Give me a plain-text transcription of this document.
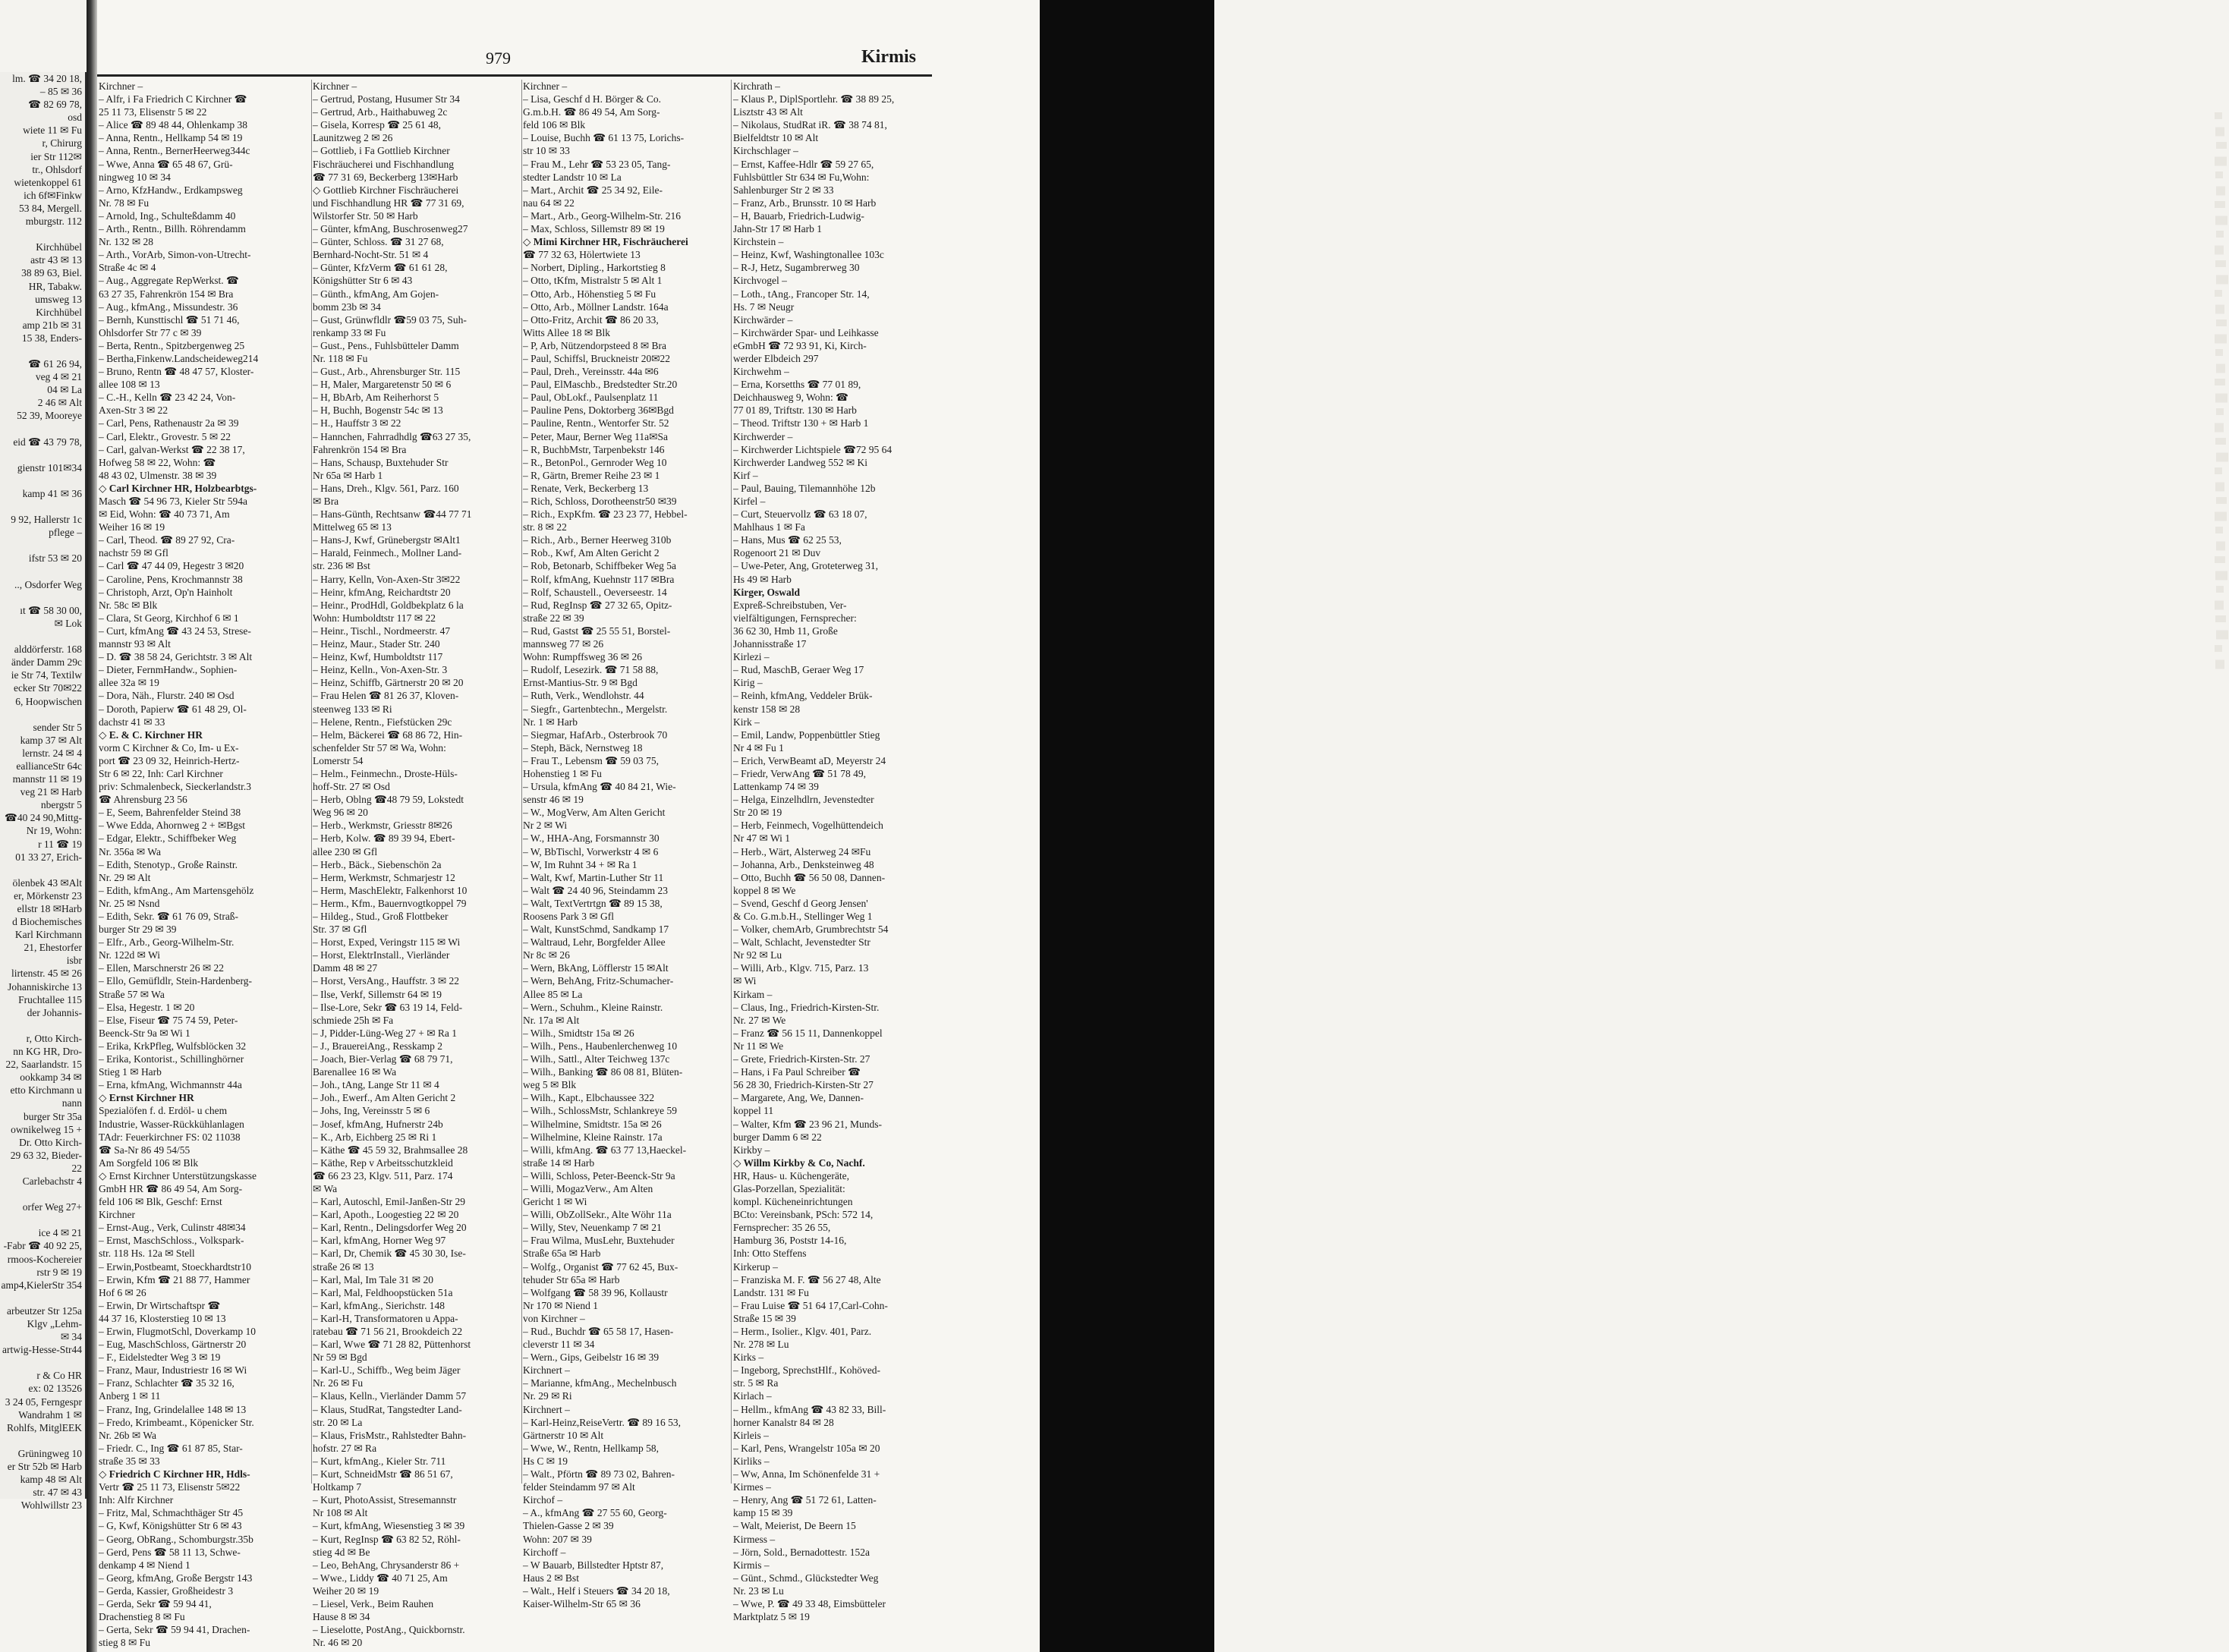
lm. ☎ 34 20 18,
– 85 ✉ 36
☎ 82 69 78,
osd
wiete 11 ✉ Fu
r, Chirurg
ier Str 112✉
tr., Ohlsdorf
wietenkoppel 61
ich 6f✉Finkw
53 84, Mergell.
mburgstr. 112

Kirchhübel
astr 43 ✉ 13
38 89 63, Biel.
HR, Tabakw.
umsweg 13
Kirchhübel
amp 21b ✉ 31
15 38, Enders-

☎ 61 26 94,
veg 4 ✉ 21
04 ✉ La
2 46 ✉ Alt
52 39, Mooreye

eid ☎ 43 79 78,

gienstr 101✉34

kamp 41 ✉ 36

9 92, Hallerstr 1c
pflege –

ifstr 53 ✉ 20

.., Osdorfer Weg

ıt ☎ 58 30 00,
✉ Lok

alddörferstr. 168
änder Damm 29c
ie Str 74, Textilw
ecker Str 70✉22
6, Hoopwischen

sender Str 5
kamp 37 ✉ Alt
lernstr. 24 ✉ 4
eallianceStr 64c
mannstr 11 ✉ 19
veg 21 ✉ Harb
nbergstr 5
☎40 24 90,Mittg-
Nr 19, Wohn:
r 11 ☎ 19
01 33 27, Erich-

ölenbek 43 ✉Alt
er, Mörkenstr 23
ellstr 18 ✉Harb
d Biochemisches
Karl Kirchmann
21, Ehestorfer
isbr
lirtenstr. 45 ✉ 26
Johanniskirche 13
Fruchtallee 115
der Johannis-

r, Otto Kirch-
nn KG HR, Dro-
22, Saarlandstr. 15
ookkamp 34 ✉
etto Kirchmann u
nann
burger Str 35a
ownikelweg 15 +
Dr. Otto Kirch-
29 63 32, Bieder-
22
Carlebachstr 4

orfer Weg 27+

ice 4 ✉ 21
-Fabr ☎ 40 92 25,
rmoos-Kochereier
rstr 9 ✉ 19
amp4,KielerStr 354

arbeutzer Str 125a
Klgv „Lehm-
✉ 34
artwig-Hesse-Str44

r & Co HR
ex: 02 13526
3 24 05, Ferngespr
Wandrahm 1 ✉
Rohlfs, MitglEEK

Grüningweg 10
er Str 52b ✉ Harb
kamp 48 ✉ Alt
str. 47 ✉ 43
Wohlwillstr 23
979	Kirmis
Kirchner –
– Alfr, i Fa Friedrich C Kirchner ☎
25 11 73, Elisenstr 5 ✉ 22
– Alice ☎ 89 48 44, Ohlenkamp 38
– Anna, Rentn., Hellkamp 54 ✉ 19
– Anna, Rentn., BernerHeerweg344c
– Wwe, Anna ☎ 65 48 67, Grü-
ningweg 10 ✉ 34
– Arno, KfzHandw., Erdkampsweg
Nr. 78 ✉ Fu
– Arnold, Ing., Schulteßdamm 40
– Arth., Rentn., Billh. Röhrendamm
Nr. 132 ✉ 28
– Arth., VorArb, Simon-von-Utrecht-
Straße 4c ✉ 4
– Aug., Aggregate RepWerkst. ☎
63 27 35, Fahrenkrön 154 ✉ Bra
– Aug., kfmAng., Missundestr. 36
– Bernh, Kunsttischl ☎ 51 71 46,
Ohlsdorfer Str 77 c ✉ 39
– Berta, Rentn., Spitzbergenweg 25
– Bertha,Finkenw.Landscheideweg214
– Bruno, Rentn ☎ 48 47 57, Kloster-
allee 108 ✉ 13
– C.-H., Kelln ☎ 23 42 24, Von-
Axen-Str 3 ✉ 22
– Carl, Pens, Rathenaustr 2a ✉ 39
– Carl, Elektr., Grovestr. 5 ✉ 22
– Carl, galvan-Werkst ☎ 22 38 17,
Hofweg 58 ✉ 22, Wohn: ☎
48 43 02, Ulmenstr. 38 ✉ 39
◇ Carl Kirchner HR, Holzbearbtgs-
Masch ☎ 54 96 73, Kieler Str 594a
✉ Eid, Wohn: ☎ 40 73 71, Am
Weiher 16 ✉ 19
– Carl, Theod. ☎ 89 27 92, Cra-
nachstr 59 ✉ Gfl
– Carl ☎ 47 44 09, Hegestr 3 ✉20
– Caroline, Pens, Krochmannstr 38
– Christoph, Arzt, Op'n Hainholt
Nr. 58c ✉ Blk
– Clara, St Georg, Kirchhof 6 ✉ 1
– Curt, kfmAng ☎ 43 24 53, Strese-
mannstr 93 ✉ Alt
– D. ☎ 38 58 24, Gerichtstr. 3 ✉ Alt
– Dieter, FernmHandw., Sophien-
allee 32a ✉ 19
– Dora, Näh., Flurstr. 240 ✉ Osd
– Doroth, Papierw ☎ 61 48 29, Ol-
dachstr 41 ✉ 33
◇ E. & C. Kirchner HR
vorm C Kirchner & Co, Im- u Ex-
port ☎ 23 09 32, Heinrich-Hertz-
Str 6 ✉ 22, Inh: Carl Kirchner
priv: Schmalenbeck, Sieckerlandstr.3
☎ Ahrensburg 23 56
– E, Seem, Bahrenfelder Steind 38
– Wwe Edda, Ahornweg 2 + ✉Bgst
– Edgar, Elektr., Schiffbeker Weg
Nr. 356a ✉ Wa
– Edith, Stenotyp., Große Rainstr.
Nr. 29 ✉ Alt
– Edith, kfmAng., Am Martensgehölz
Nr. 25 ✉ Nsnd
– Edith, Sekr. ☎ 61 76 09, Straß-
burger Str 29 ✉ 39
– Elfr., Arb., Georg-Wilhelm-Str.
Nr. 122d ✉ Wi
– Ellen, Marschnerstr 26 ✉ 22
– Ello, Gemüfldlr, Stein-Hardenberg-
Straße 57 ✉ Wa
– Elsa, Hegestr. 1 ✉ 20
– Else, Fiseur ☎ 75 74 59, Peter-
Beenck-Str 9a ✉ Wi 1
– Erika, KrkPfleg, Wulfsblöcken 32
– Erika, Kontorist., Schillinghörner
Stieg 1 ✉ Harb
– Erna, kfmAng, Wichmannstr 44a
◇ Ernst Kirchner HR
Spezialöfen f. d. Erdöl- u chem
Industrie, Wasser-Rückkühlanlagen
TAdr: Feuerkirchner FS: 02 11038
☎ Sa-Nr 86 49 54/55
Am Sorgfeld 106 ✉ Blk
◇ Ernst Kirchner Unterstützungskasse
GmbH HR ☎ 86 49 54, Am Sorg-
feld 106 ✉ Blk, Geschf: Ernst
Kirchner
– Ernst-Aug., Verk, Culinstr 48✉34
– Ernst, MaschSchloss., Volkspark-
str. 118 Hs. 12a ✉ Stell
– Erwin,Postbeamt, Stoeckhardtstr10
– Erwin, Kfm ☎ 21 88 77, Hammer
Hof 6 ✉ 26
– Erwin, Dr Wirtschaftspr ☎
44 37 16, Klosterstieg 10 ✉ 13
– Erwin, FlugmotSchl, Doverkamp 10
– Eug, MaschSchloss, Gärtnerstr 20
– F., Eidelstedter Weg 3 ✉ 19
– Franz, Maur, Industriestr 16 ✉ Wi
– Franz, Schlachter ☎ 35 32 16,
Anberg 1 ✉ 11
– Franz, Ing, Grindelallee 148 ✉ 13
– Fredo, Krimbeamt., Köpenicker Str.
Nr. 26b ✉ Wa
– Friedr. C., Ing ☎ 61 87 85, Star-
straße 35 ✉ 33
◇ Friedrich C Kirchner HR, Hdls-
Vertr ☎ 25 11 73, Elisenstr 5✉22
Inh: Alfr Kirchner
– Fritz, Mal, Schmachthäger Str 45
– G, Kwf, Königshütter Str 6 ✉ 43
– Georg, ObRang., Schomburgstr.35b
– Gerd, Pens ☎ 58 11 13, Schwe-
denkamp 4 ✉ Niend 1
– Georg, kfmAng, Große Bergstr 143
– Gerda, Kassier, Großheidestr 3
– Gerda, Sekr ☎ 59 94 41,
Drachenstieg 8 ✉ Fu
– Gerta, Sekr ☎ 59 94 41, Drachen-
stieg 8 ✉ Fu
Kirchner –
– Gertrud, Postang, Husumer Str 34
– Gertrud, Arb., Haithabuweg 2c
– Gisela, Korresp ☎ 25 61 48,
Launitzweg 2 ✉ 26
– Gottlieb, i Fa Gottlieb Kirchner
Fischräucherei und Fischhandlung
☎ 77 31 69, Beckerberg 13✉Harb
◇ Gottlieb Kirchner Fischräucherei
und Fischhandlung HR ☎ 77 31 69,
Wilstorfer Str. 50 ✉ Harb
– Günter, kfmAng, Buschrosenweg27
– Günter, Schloss. ☎ 31 27 68,
Bernhard-Nocht-Str. 51 ✉ 4
– Günter, KfzVerm ☎ 61 61 28,
Königshütter Str 6 ✉ 43
– Günth., kfmAng, Am Gojen-
bomm 23b ✉ 34
– Gust, Grünwfldlr ☎59 03 75, Suh-
renkamp 33 ✉ Fu
– Gust., Pens., Fuhlsbütteler Damm
Nr. 118 ✉ Fu
– Gust., Arb., Ahrensburger Str. 115
– H, Maler, Margaretenstr 50 ✉ 6
– H, BbArb, Am Reiherhorst 5
– H, Buchh, Bogenstr 54c ✉ 13
– H., Hauffstr 3 ✉ 22
– Hannchen, Fahrradhdlg ☎63 27 35,
Fahrenkrön 154 ✉ Bra
– Hans, Schausp, Buxtehuder Str
Nr 65a ✉ Harb 1
– Hans, Dreh., Klgv. 561, Parz. 160
✉ Bra
– Hans-Günth, Rechtsanw ☎44 77 71
Mittelweg 65 ✉ 13
– Hans-J, Kwf, Grünebergstr ✉Alt1
– Harald, Feinmech., Mollner Land-
str. 236 ✉ Bst
– Harry, Kelln, Von-Axen-Str 3✉22
– Heinr, kfmAng, Reichardtstr 20
– Heinr., ProdHdl, Goldbekplatz 6 la
Wohn: Humboldtstr 117 ✉ 22
– Heinr., Tischl., Nordmeerstr. 47
– Heinz, Maur., Stader Str. 240
– Heinz, Kwf, Humboldtstr 117
– Heinz, Kelln., Von-Axen-Str. 3
– Heinz, Schiffb, Gärtnerstr 20 ✉ 20
– Frau Helen ☎ 81 26 37, Kloven-
steenweg 133 ✉ Ri
– Helene, Rentn., Fiefstücken 29c
– Helm, Bäckerei ☎ 68 86 72, Hin-
schenfelder Str 57 ✉ Wa, Wohn:
Lomerstr 54
– Helm., Feinmechn., Droste-Hüls-
hoff-Str. 27 ✉ Osd
– Herb, Oblng ☎48 79 59, Lokstedt
Weg 96 ✉ 20
– Herb., Werkmstr, Griesstr 8✉26
– Herb, Kolw. ☎ 89 39 94, Ebert-
allee 230 ✉ Gfl
– Herb., Bäck., Siebenschön 2a
– Herm, Werkmstr, Schmarjestr 12
– Herm, MaschElektr, Falkenhorst 10
– Herm., Kfm., Bauernvogtkoppel 79
– Hildeg., Stud., Groß Flottbeker
Str. 37 ✉ Gfl
– Horst, Exped, Veringstr 115 ✉ Wi
– Horst, ElektrInstall., Vierländer
Damm 48 ✉ 27
– Horst, VersAng., Hauffstr. 3 ✉ 22
– Ilse, Verkf, Sillemstr 64 ✉ 19
– Ilse-Lore, Sekr ☎ 63 19 14, Feld-
schmiede 25h ✉ Fa
– J, Pidder-Lüng-Weg 27 + ✉ Ra 1
– J., BrauereiAng., Resskamp 2
– Joach, Bier-Verlag ☎ 68 79 71,
Barenallee 16 ✉ Wa
– Joh., tAng, Lange Str 11 ✉ 4
– Joh., Ewerf., Am Alten Gericht 2
– Johs, Ing, Vereinsstr 5 ✉ 6
– Josef, kfmAng, Hufnerstr 24b
– K., Arb, Eichberg 25 ✉ Ri 1
– Käthe ☎ 45 59 32, Brahmsallee 28
– Käthe, Rep v Arbeitsschutzkleid
☎ 66 23 23, Klgv. 511, Parz. 174
✉ Wa
– Karl, Autoschl, Emil-Janßen-Str 29
– Karl, Apoth., Loogestieg 22 ✉ 20
– Karl, Rentn., Delingsdorfer Weg 20
– Karl, kfmAng, Horner Weg 97
– Karl, Dr, Chemik ☎ 45 30 30, Ise-
straße 26 ✉ 13
– Karl, Mal, Im Tale 31 ✉ 20
– Karl, Mal, Feldhoopstücken 51a
– Karl, kfmAng., Sierichstr. 148
– Karl-H, Transformatoren u Appa-
ratebau ☎ 71 56 21, Brookdeich 22
– Karl, Wwe ☎ 71 28 82, Püttenhorst
Nr 59 ✉ Bgd
– Karl-U., Schiffb., Weg beim Jäger
Nr. 26 ✉ Fu
– Klaus, Kelln., Vierländer Damm 57
– Klaus, StudRat, Tangstedter Land-
str. 20 ✉ La
– Klaus, FrisMstr., Rahlstedter Bahn-
hofstr. 27 ✉ Ra
– Kurt, kfmAng., Kieler Str. 711
– Kurt, SchneidMstr ☎ 86 51 67,
Holtkamp 7
– Kurt, PhotoAssist, Stresemannstr
Nr 108 ✉ Alt
– Kurt, kfmAng, Wiesenstieg 3 ✉ 39
– Kurt, RegInsp ☎ 63 82 52, Röhl-
stieg 4d ✉ Be
– Leo, BehAng, Chrysanderstr 86 +
– Wwe., Liddy ☎ 40 71 25, Am
Weiher 20 ✉ 19
– Liesel, Verk., Beim Rauhen
Hause 8 ✉ 34
– Lieselotte, PostAng., Quickbornstr.
Nr. 46 ✉ 20
Kirchner –
– Lisa, Geschf d H. Börger & Co.
G.m.b.H. ☎ 86 49 54, Am Sorg-
feld 106 ✉ Blk
– Louise, Buchh ☎ 61 13 75, Lorichs-
str 10 ✉ 33
– Frau M., Lehr ☎ 53 23 05, Tang-
stedter Landstr 10 ✉ La
– Mart., Archit ☎ 25 34 92, Eile-
nau 64 ✉ 22
– Mart., Arb., Georg-Wilhelm-Str. 216
– Max, Schloss, Sillemstr 89 ✉ 19
◇ Mimi Kirchner HR, Fischräucherei
☎ 77 32 63, Hölertwiete 13
– Norbert, Dipling., Harkortstieg 8
– Otto, tKfm, Mistralstr 5 ✉ Alt 1
– Otto, Arb., Höhenstieg 5 ✉ Fu
– Otto, Arb., Möllner Landstr. 164a
– Otto-Fritz, Archit ☎ 86 20 33,
Witts Allee 18 ✉ Blk
– P, Arb, Nützendorpsteed 8 ✉ Bra
– Paul, Schiffsl, Bruckneistr 20✉22
– Paul, Dreh., Vereinsstr. 44a ✉6
– Paul, ElMaschb., Bredstedter Str.20
– Paul, ObLokf., Paulsenplatz 11
– Pauline Pens, Doktorberg 36✉Bgd
– Pauline, Rentn., Wentorfer Str. 52
– Peter, Maur, Berner Weg 11a✉Sa
– R, BuchbMstr, Tarpenbekstr 146
– R., BetonPol., Gernroder Weg 10
– R, Gärtn, Bremer Reihe 23 ✉ 1
– Renate, Verk, Beckerberg 13
– Rich, Schloss, Dorotheenstr50 ✉39
– Rich., ExpKfm. ☎ 23 23 77, Hebbel-
str. 8 ✉ 22
– Rich., Arb., Berner Heerweg 310b
– Rob., Kwf, Am Alten Gericht 2
– Rob, Betonarb, Schiffbeker Weg 5a
– Rolf, kfmAng, Kuehnstr 117 ✉Bra
– Rolf, Schaustell., Oeverseestr. 14
– Rud, RegInsp ☎ 27 32 65, Opitz-
straße 22 ✉ 39
– Rud, Gastst ☎ 25 55 51, Borstel-
mannsweg 77 ✉ 26
Wohn: Rumpffsweg 36 ✉ 26
– Rudolf, Lesezirk. ☎ 71 58 88,
Ernst-Mantius-Str. 9 ✉ Bgd
– Ruth, Verk., Wendlohstr. 44
– Siegfr., Gartenbtechn., Mergelstr.
Nr. 1 ✉ Harb
– Siegmar, HafArb., Osterbrook 70
– Steph, Bäck, Nernstweg 18
– Frau T., Lebensm ☎ 59 03 75,
Hohenstieg 1 ✉ Fu
– Ursula, kfmAng ☎ 40 84 21, Wie-
senstr 46 ✉ 19
– W., MogVerw, Am Alten Gericht
Nr 2 ✉ Wi
– W., HHA-Ang, Forsmannstr 30
– W, BbTischl, Vorwerkstr 4 ✉ 6
– W, Im Ruhnt 34 + ✉ Ra 1
– Walt, Kwf, Martin-Luther Str 11
– Walt ☎ 24 40 96, Steindamm 23
– Walt, TextVertrtgn ☎ 89 15 38,
Roosens Park 3 ✉ Gfl
– Walt, KunstSchmd, Sandkamp 17
– Waltraud, Lehr, Borgfelder Allee
Nr 8c ✉ 26
– Wern, BkAng, Löfflerstr 15 ✉Alt
– Wern, BehAng, Fritz-Schumacher-
Allee 85 ✉ La
– Wern., Schuhm., Kleine Rainstr.
Nr. 17a ✉ Alt
– Wilh., Smidtstr 15a ✉ 26
– Wilh., Pens., Haubenlerchenweg 10
– Wilh., Sattl., Alter Teichweg 137c
– Wilh., Banking ☎ 86 08 81, Blüten-
weg 5 ✉ Blk
– Wilh., Kapt., Elbchaussee 322
– Wilh., SchlossMstr, Schlankreye 59
– Wilhelmine, Smidtstr. 15a ✉ 26
– Wilhelmine, Kleine Rainstr. 17a
– Willi, kfmAng. ☎ 63 77 13,Haeckel-
straße 14 ✉ Harb
– Willi, Schloss, Peter-Beenck-Str 9a
– Willi, MogazVerw., Am Alten
Gericht 1 ✉ Wi
– Willi, ObZollSekr., Alte Wöhr 11a
– Willy, Stev, Neuenkamp 7 ✉ 21
– Frau Wilma, MusLehr, Buxtehuder
Straße 65a ✉ Harb
– Wolfg., Organist ☎ 77 62 45, Bux-
tehuder Str 65a ✉ Harb
– Wolfgang ☎ 58 39 96, Kollaustr
Nr 170 ✉ Niend 1
von Kirchner –
– Rud., Buchdr ☎ 65 58 17, Hasen-
cleverstr 11 ✉ 34
– Wern., Gips, Geibelstr 16 ✉ 39
Kirchnert –
– Marianne, kfmAng., Mechelnbusch
Nr. 29 ✉ Ri
Kirchnert –
– Karl-Heinz,ReiseVertr. ☎ 89 16 53,
Gärtnerstr 10 ✉ Alt
– Wwe, W., Rentn, Hellkamp 58,
Hs C ✉ 19
– Walt., Pförtn ☎ 89 73 02, Bahren-
felder Steindamm 97 ✉ Alt
Kirchof –
– A., kfmAng ☎ 27 55 60, Georg-
Thielen-Gasse 2 ✉ 39
Wohn: 207 ✉ 39
Kirchoff –
– W Bauarb, Billstedter Hptstr 87,
Haus 2 ✉ Bst
– Walt., Helf i Steuers ☎ 34 20 18,
Kaiser-Wilhelm-Str 65 ✉ 36
Kirchrath –
– Klaus P., DiplSportlehr. ☎ 38 89 25,
Lisztstr 43 ✉ Alt
– Nikolaus, StudRat iR. ☎ 38 74 81,
Bielfeldtstr 10 ✉ Alt
Kirchschlager –
– Ernst, Kaffee-Hdlr ☎ 59 27 65,
Fuhlsbüttler Str 634 ✉ Fu,Wohn:
Sahlenburger Str 2 ✉ 33
– Franz, Arb., Brunsstr. 10 ✉ Harb
– H, Bauarb, Friedrich-Ludwig-
Jahn-Str 17 ✉ Harb 1
Kirchstein –
– Heinz, Kwf, Washingtonallee 103c
– R-J, Hetz, Sugambrerweg 30
Kirchvogel –
– Loth., tAng., Francoper Str. 14,
Hs. 7 ✉ Neugr
Kirchwärder –
– Kirchwärder Spar- und Leihkasse
eGmbH ☎ 72 93 91, Ki, Kirch-
werder Elbdeich 297
Kirchwehm –
– Erna, Korsetths ☎ 77 01 89,
Deichhausweg 9, Wohn: ☎
77 01 89, Triftstr. 130 ✉ Harb
– Theod. Triftstr 130 + ✉ Harb 1
Kirchwerder –
– Kirchwerder Lichtspiele ☎72 95 64
Kirchwerder Landweg 552 ✉ Ki
Kirf –
– Paul, Bauing, Tilemannhöhe 12b
Kirfel –
– Curt, Steuervollz ☎ 63 18 07,
Mahlhaus 1 ✉ Fa
– Hans, Mus ☎ 62 25 53,
Rogenoort 21 ✉ Duv
– Uwe-Peter, Ang, Groteterweg 31,
Hs 49 ✉ Harb
Kirger, Oswald
Expreß-Schreibstuben, Ver-
vielfältigungen, Fernsprecher:
36 62 30, Hmb 11, Große
Johannisstraße 17
Kirlezi –
– Rud, MaschB, Geraer Weg 17
Kirig –
– Reinh, kfmAng, Veddeler Brük-
kenstr 158 ✉ 28
Kirk –
– Emil, Landw, Poppenbüttler Stieg
Nr 4 ✉ Fu 1
– Erich, VerwBeamt aD, Meyerstr 24
– Friedr, VerwAng ☎ 51 78 49,
Lattenkamp 74 ✉ 39
– Helga, Einzelhdlrn, Jevenstedter
Str 20 ✉ 19
– Herb, Feinmech, Vogelhüttendeich
Nr 47 ✉ Wi 1
– Herb., Wärt, Alsterweg 24 ✉Fu
– Johanna, Arb., Denksteinweg 48
– Otto, Buchh ☎ 56 50 08, Dannen-
koppel 8 ✉ We
– Svend, Geschf d Georg Jensen'
& Co. G.m.b.H., Stellinger Weg 1
– Volker, chemArb, Grumbrechtstr 54
– Walt, Schlacht, Jevenstedter Str
Nr 92 ✉ Lu
– Willi, Arb., Klgv. 715, Parz. 13
✉ Wi
Kirkam –
– Claus, Ing., Friedrich-Kirsten-Str.
Nr. 27 ✉ We
– Franz ☎ 56 15 11, Dannenkoppel
Nr 11 ✉ We
– Grete, Friedrich-Kirsten-Str. 27
– Hans, i Fa Paul Schreiber ☎
56 28 30, Friedrich-Kirsten-Str 27
– Margarete, Ang, We, Dannen-
koppel 11
– Walter, Kfm ☎ 23 96 21, Munds-
burger Damm 6 ✉ 22
Kirkby –
◇ Willm Kirkby & Co, Nachf.
HR, Haus- u. Küchengeräte,
Glas-Porzellan, Spezialität:
kompl. Kücheneinrichtungen
BCto: Vereinsbank, PSch: 572 14,
Fernsprecher: 35 26 55,
Hamburg 36, Poststr 14-16,
Inh: Otto Steffens
Kirkerup –
– Franziska M. F. ☎ 56 27 48, Alte
Landstr. 131 ✉ Fu
– Frau Luise ☎ 51 64 17,Carl-Cohn-
Straße 15 ✉ 39
– Herm., Isolier., Klgv. 401, Parz.
Nr. 278 ✉ Lu
Kirks –
– Ingeborg, SprechstHlf., Kohöved-
str. 5 ✉ Ra
Kirlach –
– Hellm., kfmAng ☎ 43 82 33, Bill-
horner Kanalstr 84 ✉ 28
Kirleis –
– Karl, Pens, Wrangelstr 105a ✉ 20
Kirliks –
– Ww, Anna, Im Schönenfelde 31 +
Kirmes –
– Henry, Ang ☎ 51 72 61, Latten-
kamp 15 ✉ 39
– Walt, Meierist, De Beern 15
Kirmess –
– Jörn, Sold., Bernadottestr. 152a
Kirmis –
– Günt., Schmd., Glückstedter Weg
Nr. 23 ✉ Lu
– Wwe, P. ☎ 49 33 48, Eimsbütteler
Marktplatz 5 ✉ 19
